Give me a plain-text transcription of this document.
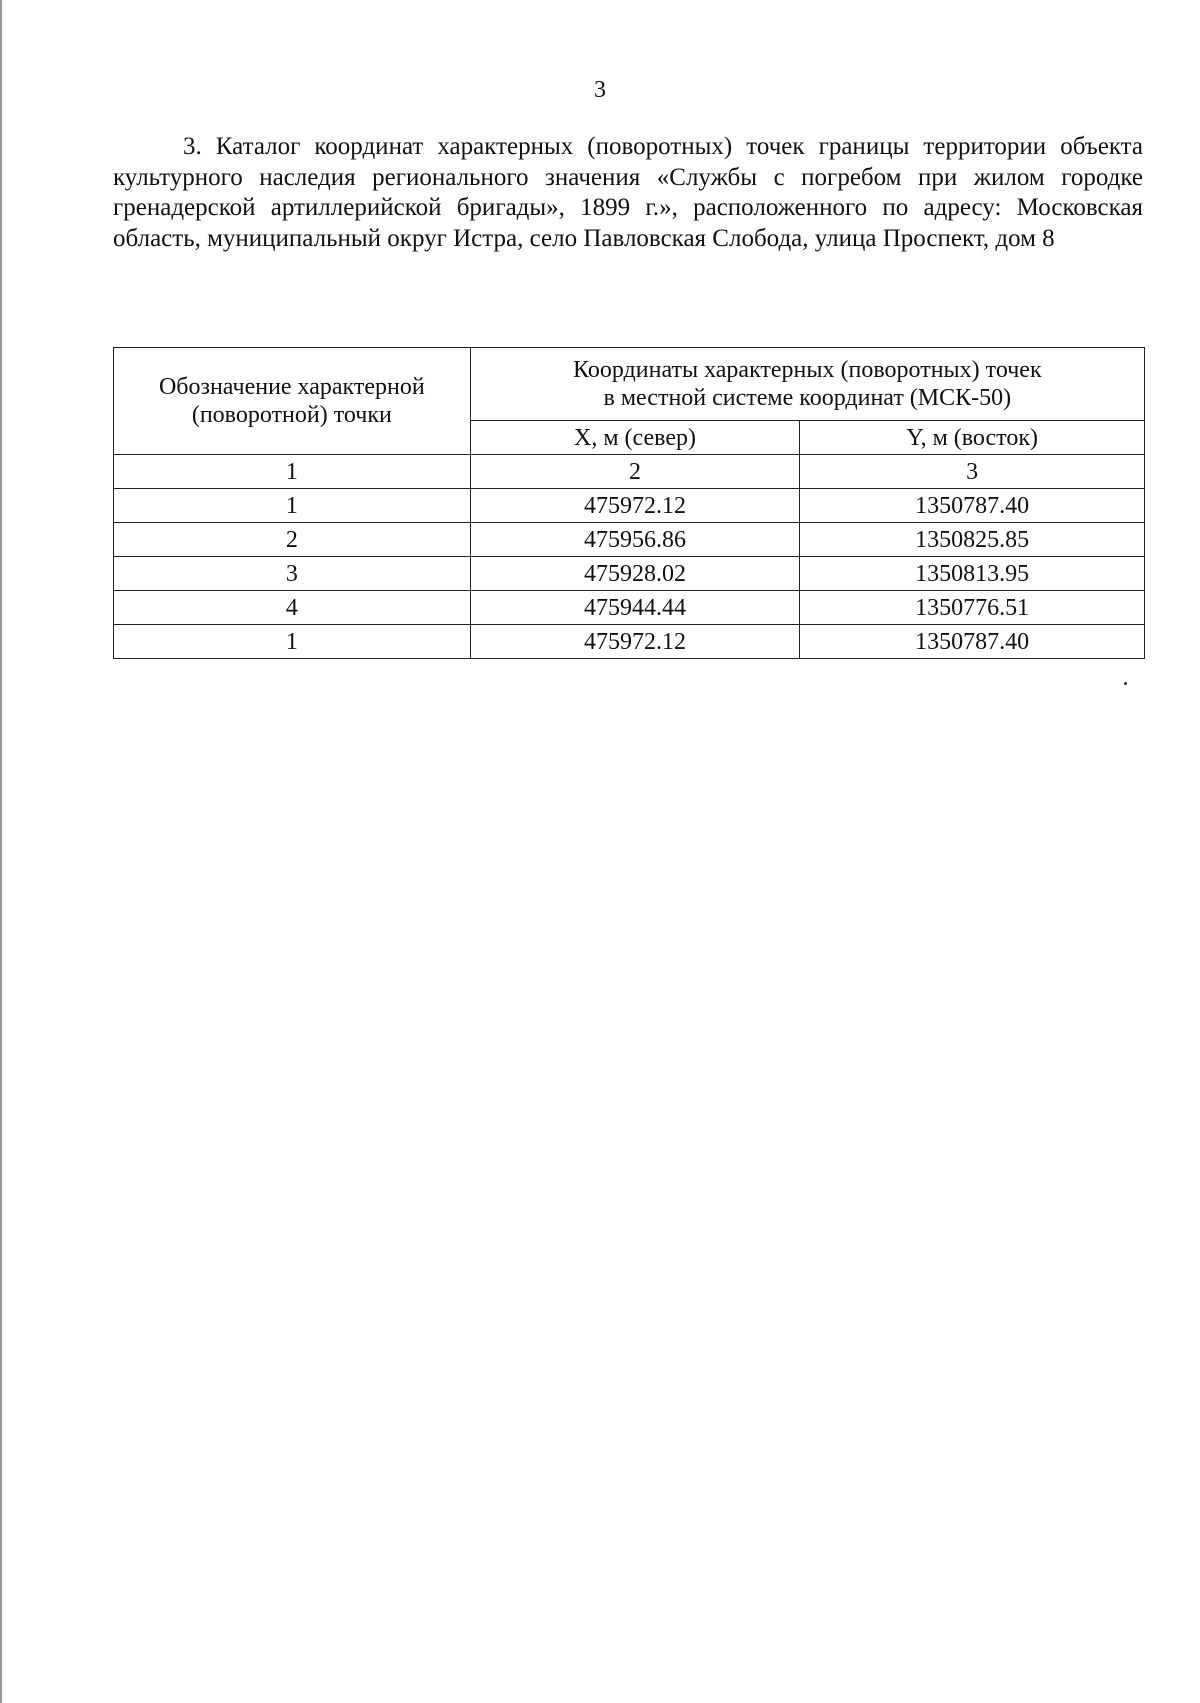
3

3. Каталог координат характерных (поворотных) точек границы территории объекта культурного наследия регионального значения «Службы с погребом при жилом городке гренадерской артиллерийской бригады», 1899 г.», расположенного по адресу: Московская область, муниципальный округ Истра, село Павловская Слобода, улица Проспект, дом 8

Обозначение характерной (поворотной) точки	Координаты характерных (поворотных) точек
в местной системе координат (МСК-50)	

	X, м (север)	Y, м (восток)
1	2	3
1	475972.12	1350787.40
2	475956.86	1350825.85
3	475928.02	1350813.95
4	475944.44	1350776.51
1	475972.12	1350787.40
